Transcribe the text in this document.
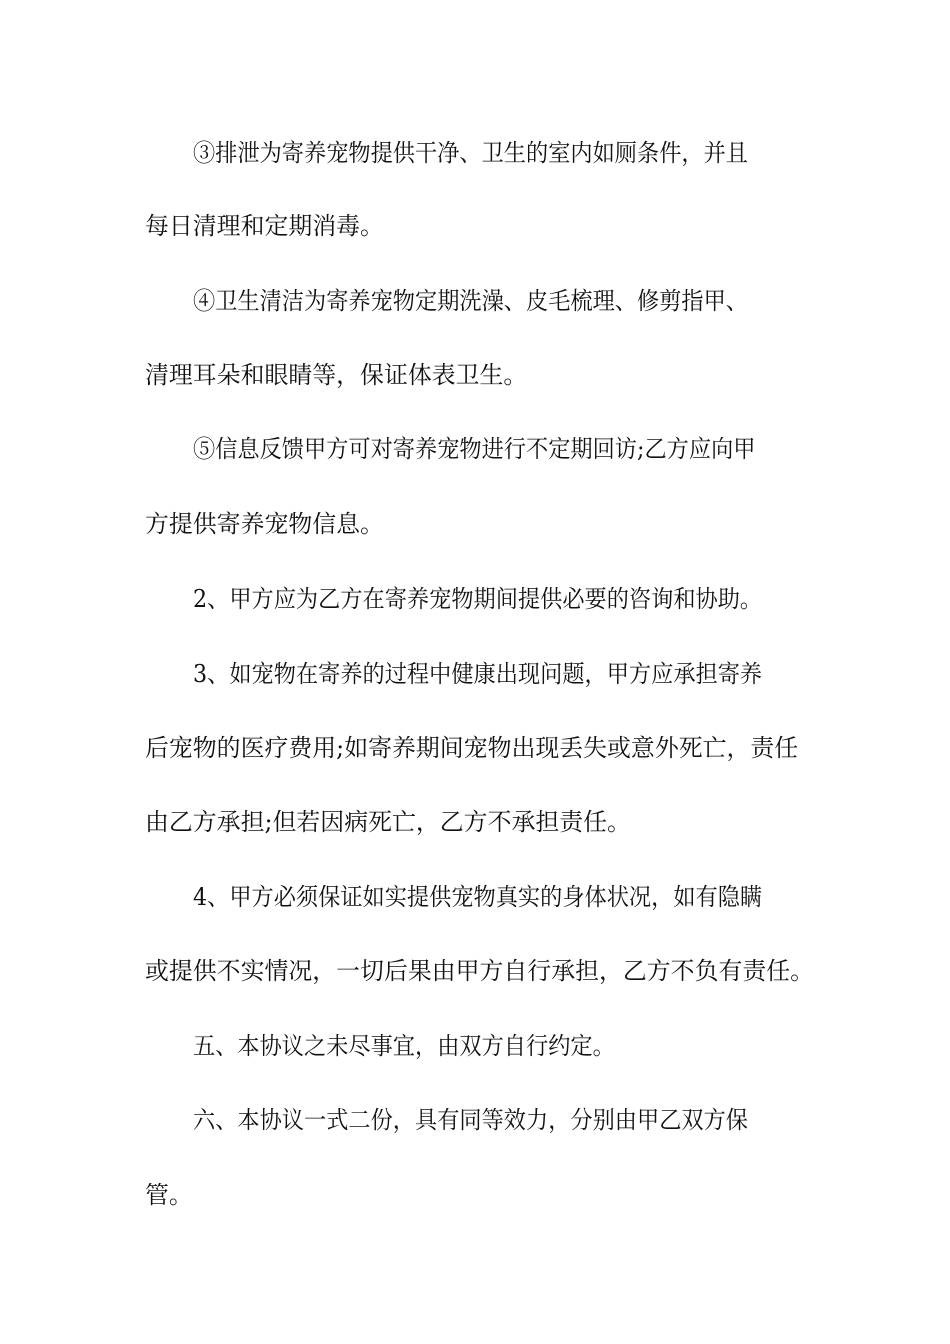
③排泄为寄养宠物提供干净、卫生的室内如厕条件，并且

每日清理和定期消毒。

④卫生清洁为寄养宠物定期洗澡、皮毛梳理、修剪指甲、

清理耳朵和眼睛等，保证体表卫生。

⑤信息反馈甲方可对寄养宠物进行不定期回访;乙方应向甲

方提供寄养宠物信息。

2、甲方应为乙方在寄养宠物期间提供必要的咨询和协助。

3、如宠物在寄养的过程中健康出现问题，甲方应承担寄养

后宠物的医疗费用;如寄养期间宠物出现丢失或意外死亡，责任

由乙方承担;但若因病死亡，乙方不承担责任。

4、甲方必须保证如实提供宠物真实的身体状况，如有隐瞒

或提供不实情况，一切后果由甲方自行承担，乙方不负有责任。

五、本协议之未尽事宜，由双方自行约定。

六、本协议一式二份，具有同等效力，分别由甲乙双方保

管。
